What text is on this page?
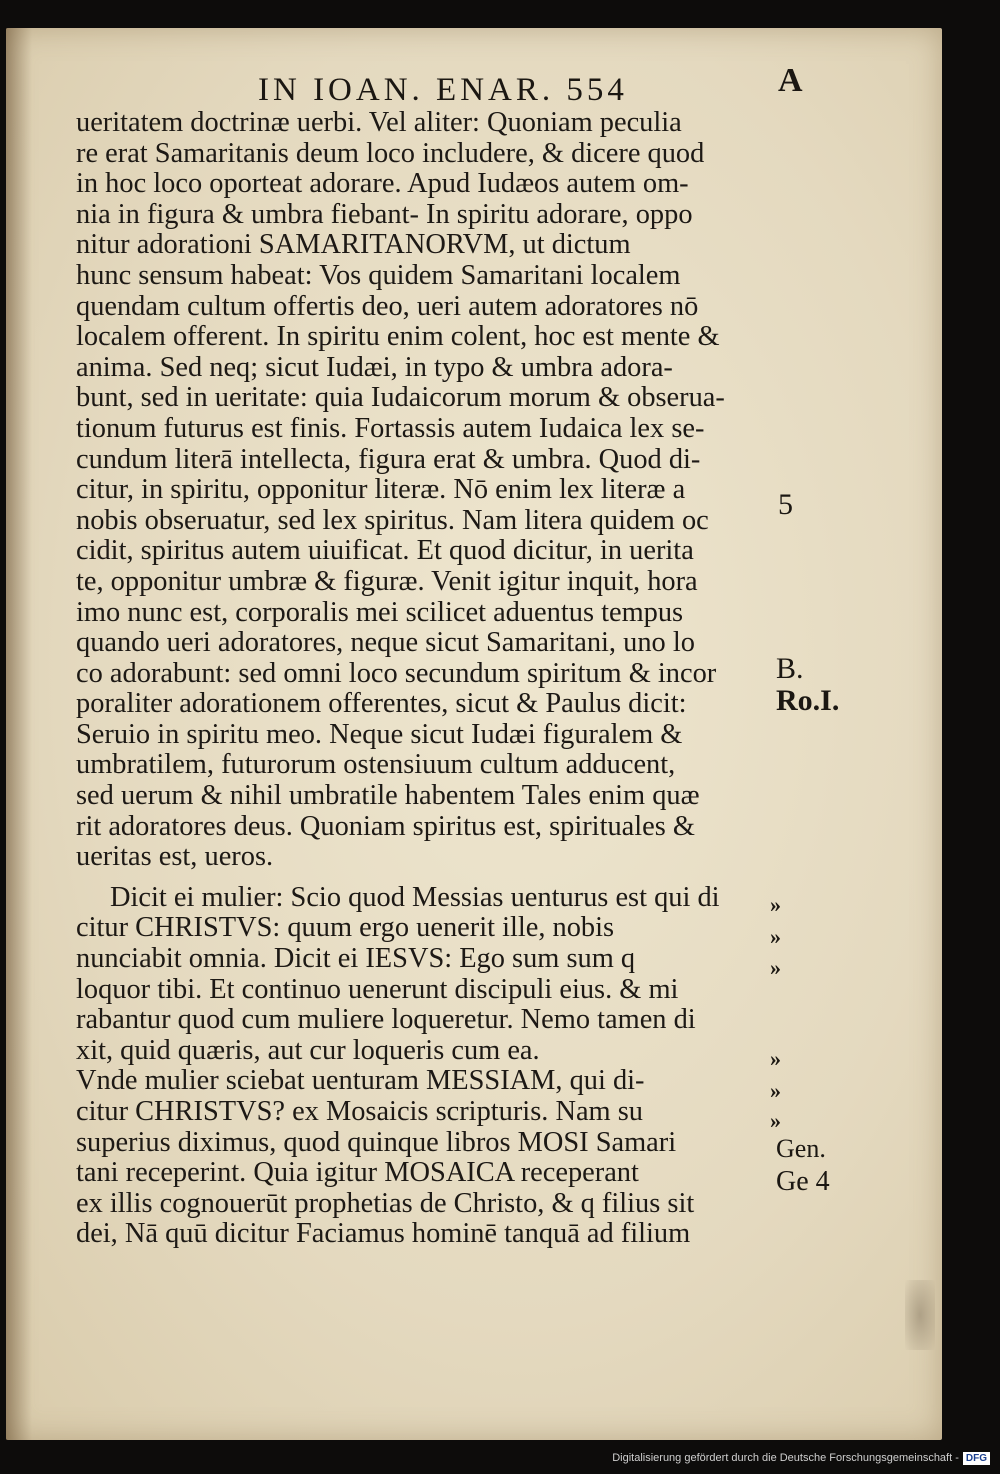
IN IOAN. ENAR. 554	A
ueritatem doctrinæ uerbi. Vel aliter: Quoniam peculia
re erat Samaritanis deum loco includere, & dicere quod
in hoc loco oporteat adorare. Apud Iudæos autem om-
nia in figura & umbra fiebant- In spiritu adorare, oppo
nitur adorationi SAMARITANORVM, ut dictum
hunc sensum habeat: Vos quidem Samaritani localem
quendam cultum offertis deo, ueri autem adoratores nō
localem offerent. In spiritu enim colent, hoc est mente &
anima. Sed neq; sicut Iudæi, in typo & umbra adora-
bunt, sed in ueritate: quia Iudaicorum morum & obserua-
tionum futurus est finis. Fortassis autem Iudaica lex se-
cundum literā intellecta, figura erat & umbra. Quod di-
citur, in spiritu, opponitur literæ. Nō enim lex literæ a
nobis obseruatur, sed lex spiritus. Nam litera quidem oc
cidit, spiritus autem uiuificat. Et quod dicitur, in uerita
te, opponitur umbræ & figuræ. Venit igitur inquit, hora
imo nunc est, corporalis mei scilicet aduentus tempus
quando ueri adoratores, neque sicut Samaritani, uno lo
co adorabunt: sed omni loco secundum spiritum & incor
poraliter adorationem offerentes, sicut & Paulus dicit:
Seruio in spiritu meo. Neque sicut Iudæi figuralem &
umbratilem, futurorum ostensiuum cultum adducent,
sed uerum & nihil umbratile habentem Tales enim quæ
rit adoratores deus. Quoniam spiritus est, spirituales &
ueritas est, ueros.
Dicit ei mulier: Scio quod Messias uenturus est qui di
citur CHRISTVS: quum ergo uenerit ille, nobis
nunciabit omnia. Dicit ei IESVS: Ego sum sum q
loquor tibi. Et continuo uenerunt discipuli eius. & mi
rabantur quod cum muliere loqueretur. Nemo tamen di
xit, quid quæris, aut cur loqueris cum ea.
Vnde mulier sciebat uenturam MESSIAM, qui di-
citur CHRISTVS? ex Mosaicis scripturis. Nam su
superius diximus, quod quinque libros MOSI Samari
tani receperint. Quia igitur MOSAICA receperant
ex illis cognouerūt prophetias de Christo, & q filius sit
dei, Nā quū dicitur Faciamus hominē tanquā ad filium
5
B.
Ro.I.
»
»
»
»
»
»
Gen.
Ge 4
Digitalisierung gefördert durch die Deutsche Forschungsgemeinschaft - DFG
